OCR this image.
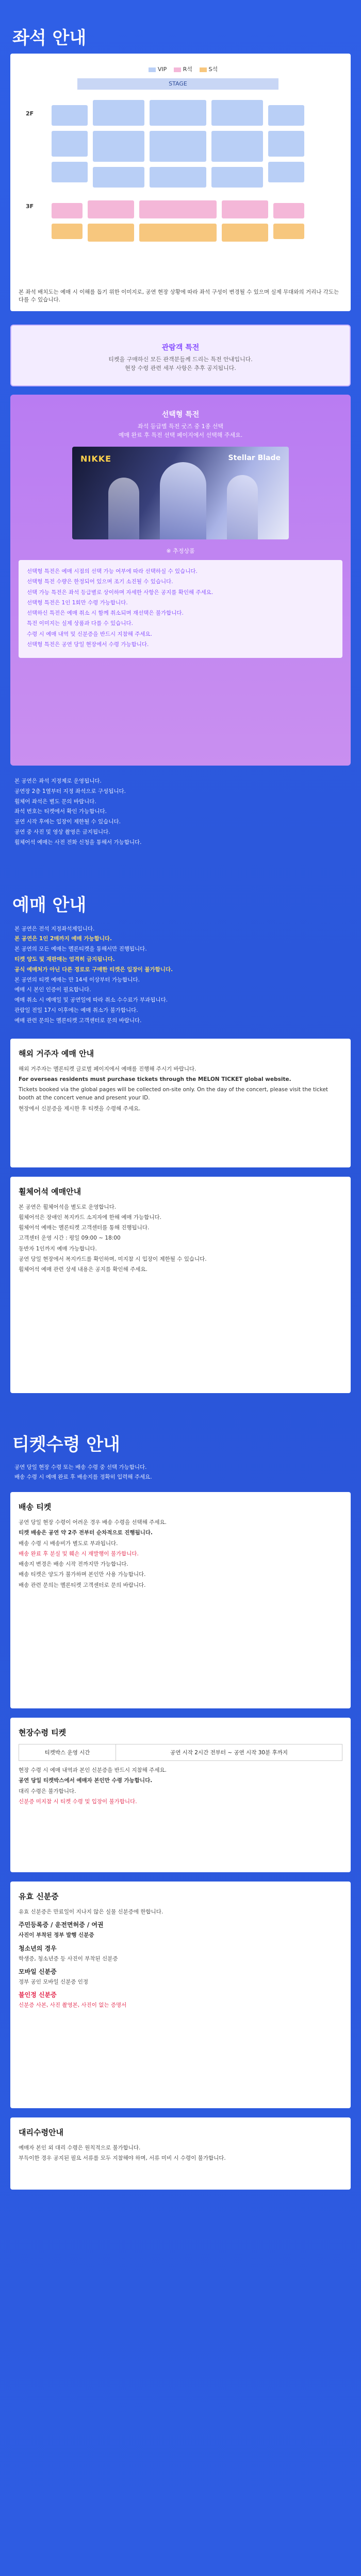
좌석 안내
VIP	R석	S석
STAGE
2F
3F
본 좌석 배치도는 예매 시 이해를 돕기 위한 이미지로, 공연 현장 상황에 따라 좌석 구성이 변경될 수 있으며 실제 무대와의 거리나 각도는 다를 수 있습니다.
관람객 특전
티켓을 구매하신 모든 관객분들께 드리는 특전 안내입니다.
현장 수령 관련 세부 사항은 추후 공지됩니다.
선택형 특전
좌석 등급별 특전 굿즈 중 1종 선택
예매 완료 후 특전 선택 페이지에서 선택해 주세요.
NIKKE	Stellar Blade
※ 추정상품
선택형 특전은 예매 시점의 선택 가능 여부에 따라 선택하실 수 있습니다.
선택형 특전 수량은 한정되어 있으며 조기 소진될 수 있습니다.
선택 가능 특전은 좌석 등급별로 상이하며 자세한 사항은 공지를 확인해 주세요.
선택형 특전은 1인 1회만 수령 가능합니다.
선택하신 특전은 예매 취소 시 함께 취소되며 재선택은 불가합니다.
특전 이미지는 실제 상품과 다를 수 있습니다.
수령 시 예매 내역 및 신분증을 반드시 지참해 주세요.
선택형 특전은 공연 당일 현장에서 수령 가능합니다.
본 공연은 좌석 지정제로 운영됩니다.
공연장 2층 1열부터 지정 좌석으로 구성됩니다.
휠체어 좌석은 별도 문의 바랍니다.
좌석 번호는 티켓에서 확인 가능합니다.
공연 시작 후에는 입장이 제한될 수 있습니다.
공연 중 사진 및 영상 촬영은 금지됩니다.
휠체어석 예매는 사전 전화 신청을 통해서 가능합니다.
예매 안내
본 공연은 전석 지정좌석제입니다.
본 공연은 1인 2매까지 예매 가능합니다.
본 공연의 모든 예매는 멜론티켓을 통해서만 진행됩니다.
티켓 양도 및 재판매는 엄격히 금지됩니다.
공식 예매처가 아닌 다른 경로로 구매한 티켓은 입장이 불가합니다.
본 공연의 티켓 예매는 만 14세 이상부터 가능합니다.
예매 시 본인 인증이 필요합니다.
예매 취소 시 예매일 및 공연일에 따라 취소 수수료가 부과됩니다.
관람일 전일 17시 이후에는 예매 취소가 불가합니다.
예매 관련 문의는 멜론티켓 고객센터로 문의 바랍니다.
해외 거주자 예매 안내
해외 거주자는 멜론티켓 글로벌 페이지에서 예매를 진행해 주시기 바랍니다.
For overseas residents must purchase tickets through the MELON TICKET global website.
Tickets booked via the global pages will be collected on-site only. On the day of the concert, please visit the ticket booth at the concert venue and present your ID.
현장에서 신분증을 제시한 후 티켓을 수령해 주세요.
휠체어석 예매안내
본 공연은 휠체어석을 별도로 운영합니다.
휠체어석은 장애인 복지카드 소지자에 한해 예매 가능합니다.
휠체어석 예매는 멜론티켓 고객센터를 통해 진행됩니다.
고객센터 운영 시간 : 평일 09:00 ~ 18:00
동반자 1인까지 예매 가능합니다.
공연 당일 현장에서 복지카드를 확인하며, 미지참 시 입장이 제한될 수 있습니다.
휠체어석 예매 관련 상세 내용은 공지를 확인해 주세요.
티켓수령 안내
공연 당일 현장 수령 또는 배송 수령 중 선택 가능합니다.
배송 수령 시 예매 완료 후 배송지를 정확히 입력해 주세요.
배송 티켓
공연 당일 현장 수령이 어려운 경우 배송 수령을 선택해 주세요.
티켓 배송은 공연 약 2주 전부터 순차적으로 진행됩니다.
배송 수령 시 배송비가 별도로 부과됩니다.
배송 완료 후 분실 및 훼손 시 재발행이 불가합니다.
배송지 변경은 배송 시작 전까지만 가능합니다.
배송 티켓은 양도가 불가하며 본인만 사용 가능합니다.
배송 관련 문의는 멜론티켓 고객센터로 문의 바랍니다.
현장수령 티켓
티켓박스 운영 시간	공연 시작 2시간 전부터 ~ 공연 시작 30분 후까지
현장 수령 시 예매 내역과 본인 신분증을 반드시 지참해 주세요.
공연 당일 티켓박스에서 예매자 본인만 수령 가능합니다.
대리 수령은 불가합니다.
신분증 미지참 시 티켓 수령 및 입장이 불가합니다.
유효 신분증
유효 신분증은 만료일이 지나지 않은 실물 신분증에 한합니다.
주민등록증 / 운전면허증 / 여권
사진이 부착된 정부 발행 신분증
청소년의 경우
학생증, 청소년증 등 사진이 부착된 신분증
모바일 신분증
정부 공인 모바일 신분증 인정
불인정 신분증
신분증 사본, 사진 촬영본, 사진이 없는 증명서
대리수령안내
예매자 본인 외 대리 수령은 원칙적으로 불가합니다.
부득이한 경우 공지된 필요 서류를 모두 지참해야 하며, 서류 미비 시 수령이 불가합니다.
